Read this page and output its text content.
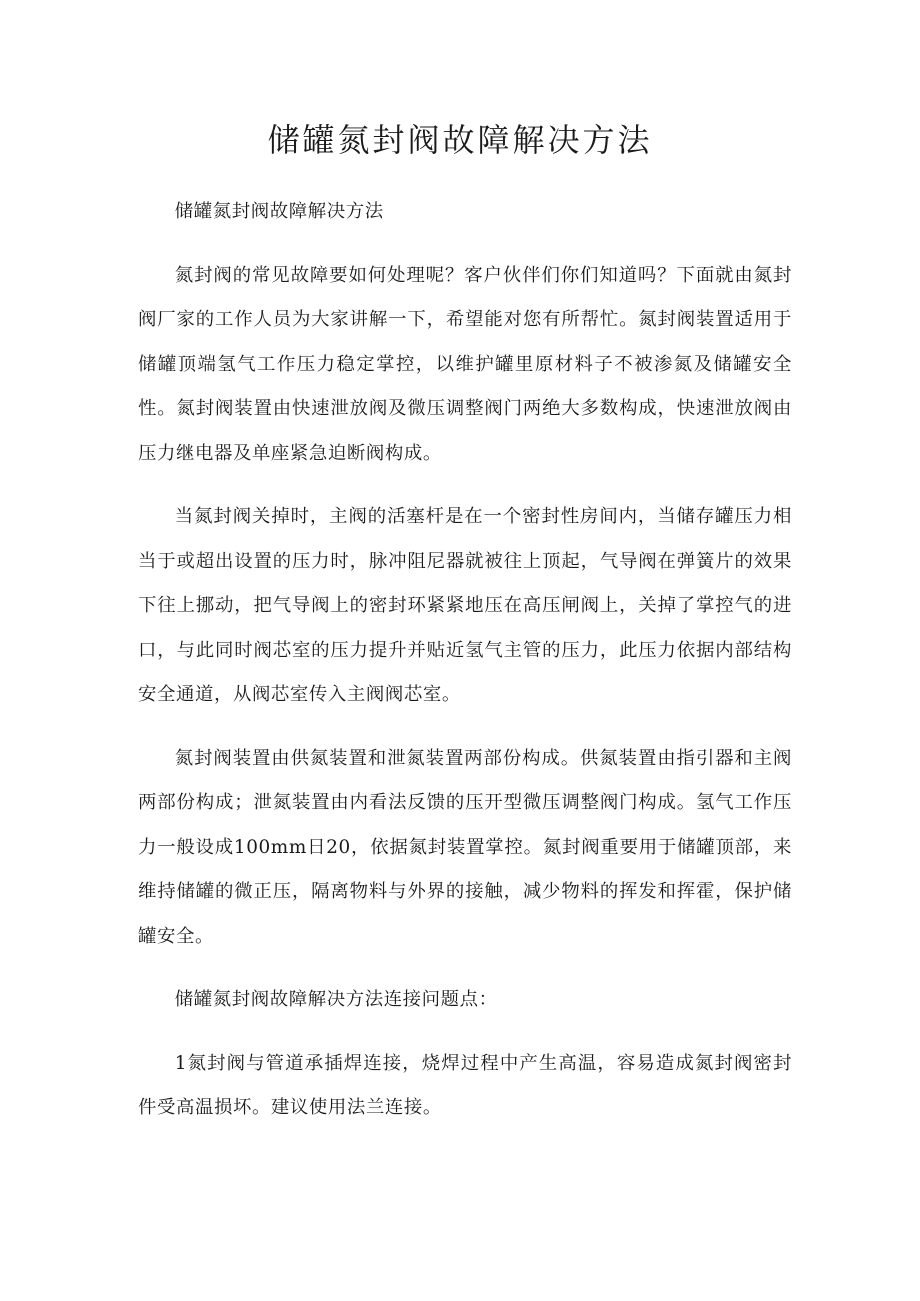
储罐氮封阀故障解决方法

储罐氮封阀故障解决方法

氮封阀的常见故障要如何处理呢？客户伙伴们你们知道吗？下面就由氮封阀厂家的工作人员为大家讲解一下，希望能对您有所帮忙。氮封阀装置适用于储罐顶端氢气工作压力稳定掌控，以维护罐里原材料子不被渗氮及储罐安全性。氮封阀装置由快速泄放阀及微压调整阀门两绝大多数构成，快速泄放阀由压力继电器及单座紧急迫断阀构成。

当氮封阀关掉时，主阀的活塞杆是在一个密封性房间内，当储存罐压力相当于或超出设置的压力时，脉冲阻尼器就被往上顶起，气导阀在弹簧片的效果下往上挪动，把气导阀上的密封环紧紧地压在高压闸阀上，关掉了掌控气的进口，与此同时阀芯室的压力提升并贴近氢气主管的压力，此压力依据内部结构安全通道，从阀芯室传入主阀阀芯室。

氮封阀装置由供氮装置和泄氮装置两部份构成。供氮装置由指引器和主阀两部份构成；泄氮装置由内看法反馈的压开型微压调整阀门构成。氢气工作压力一般设成100mm日20，依据氮封装置掌控。氮封阀重要用于储罐顶部，来维持储罐的微正压，隔离物料与外界的接触，减少物料的挥发和挥霍，保护储罐安全。

储罐氮封阀故障解决方法连接问题点：

1氮封阀与管道承插焊连接，烧焊过程中产生高温，容易造成氮封阀密封件受高温损坏。建议使用法兰连接。
